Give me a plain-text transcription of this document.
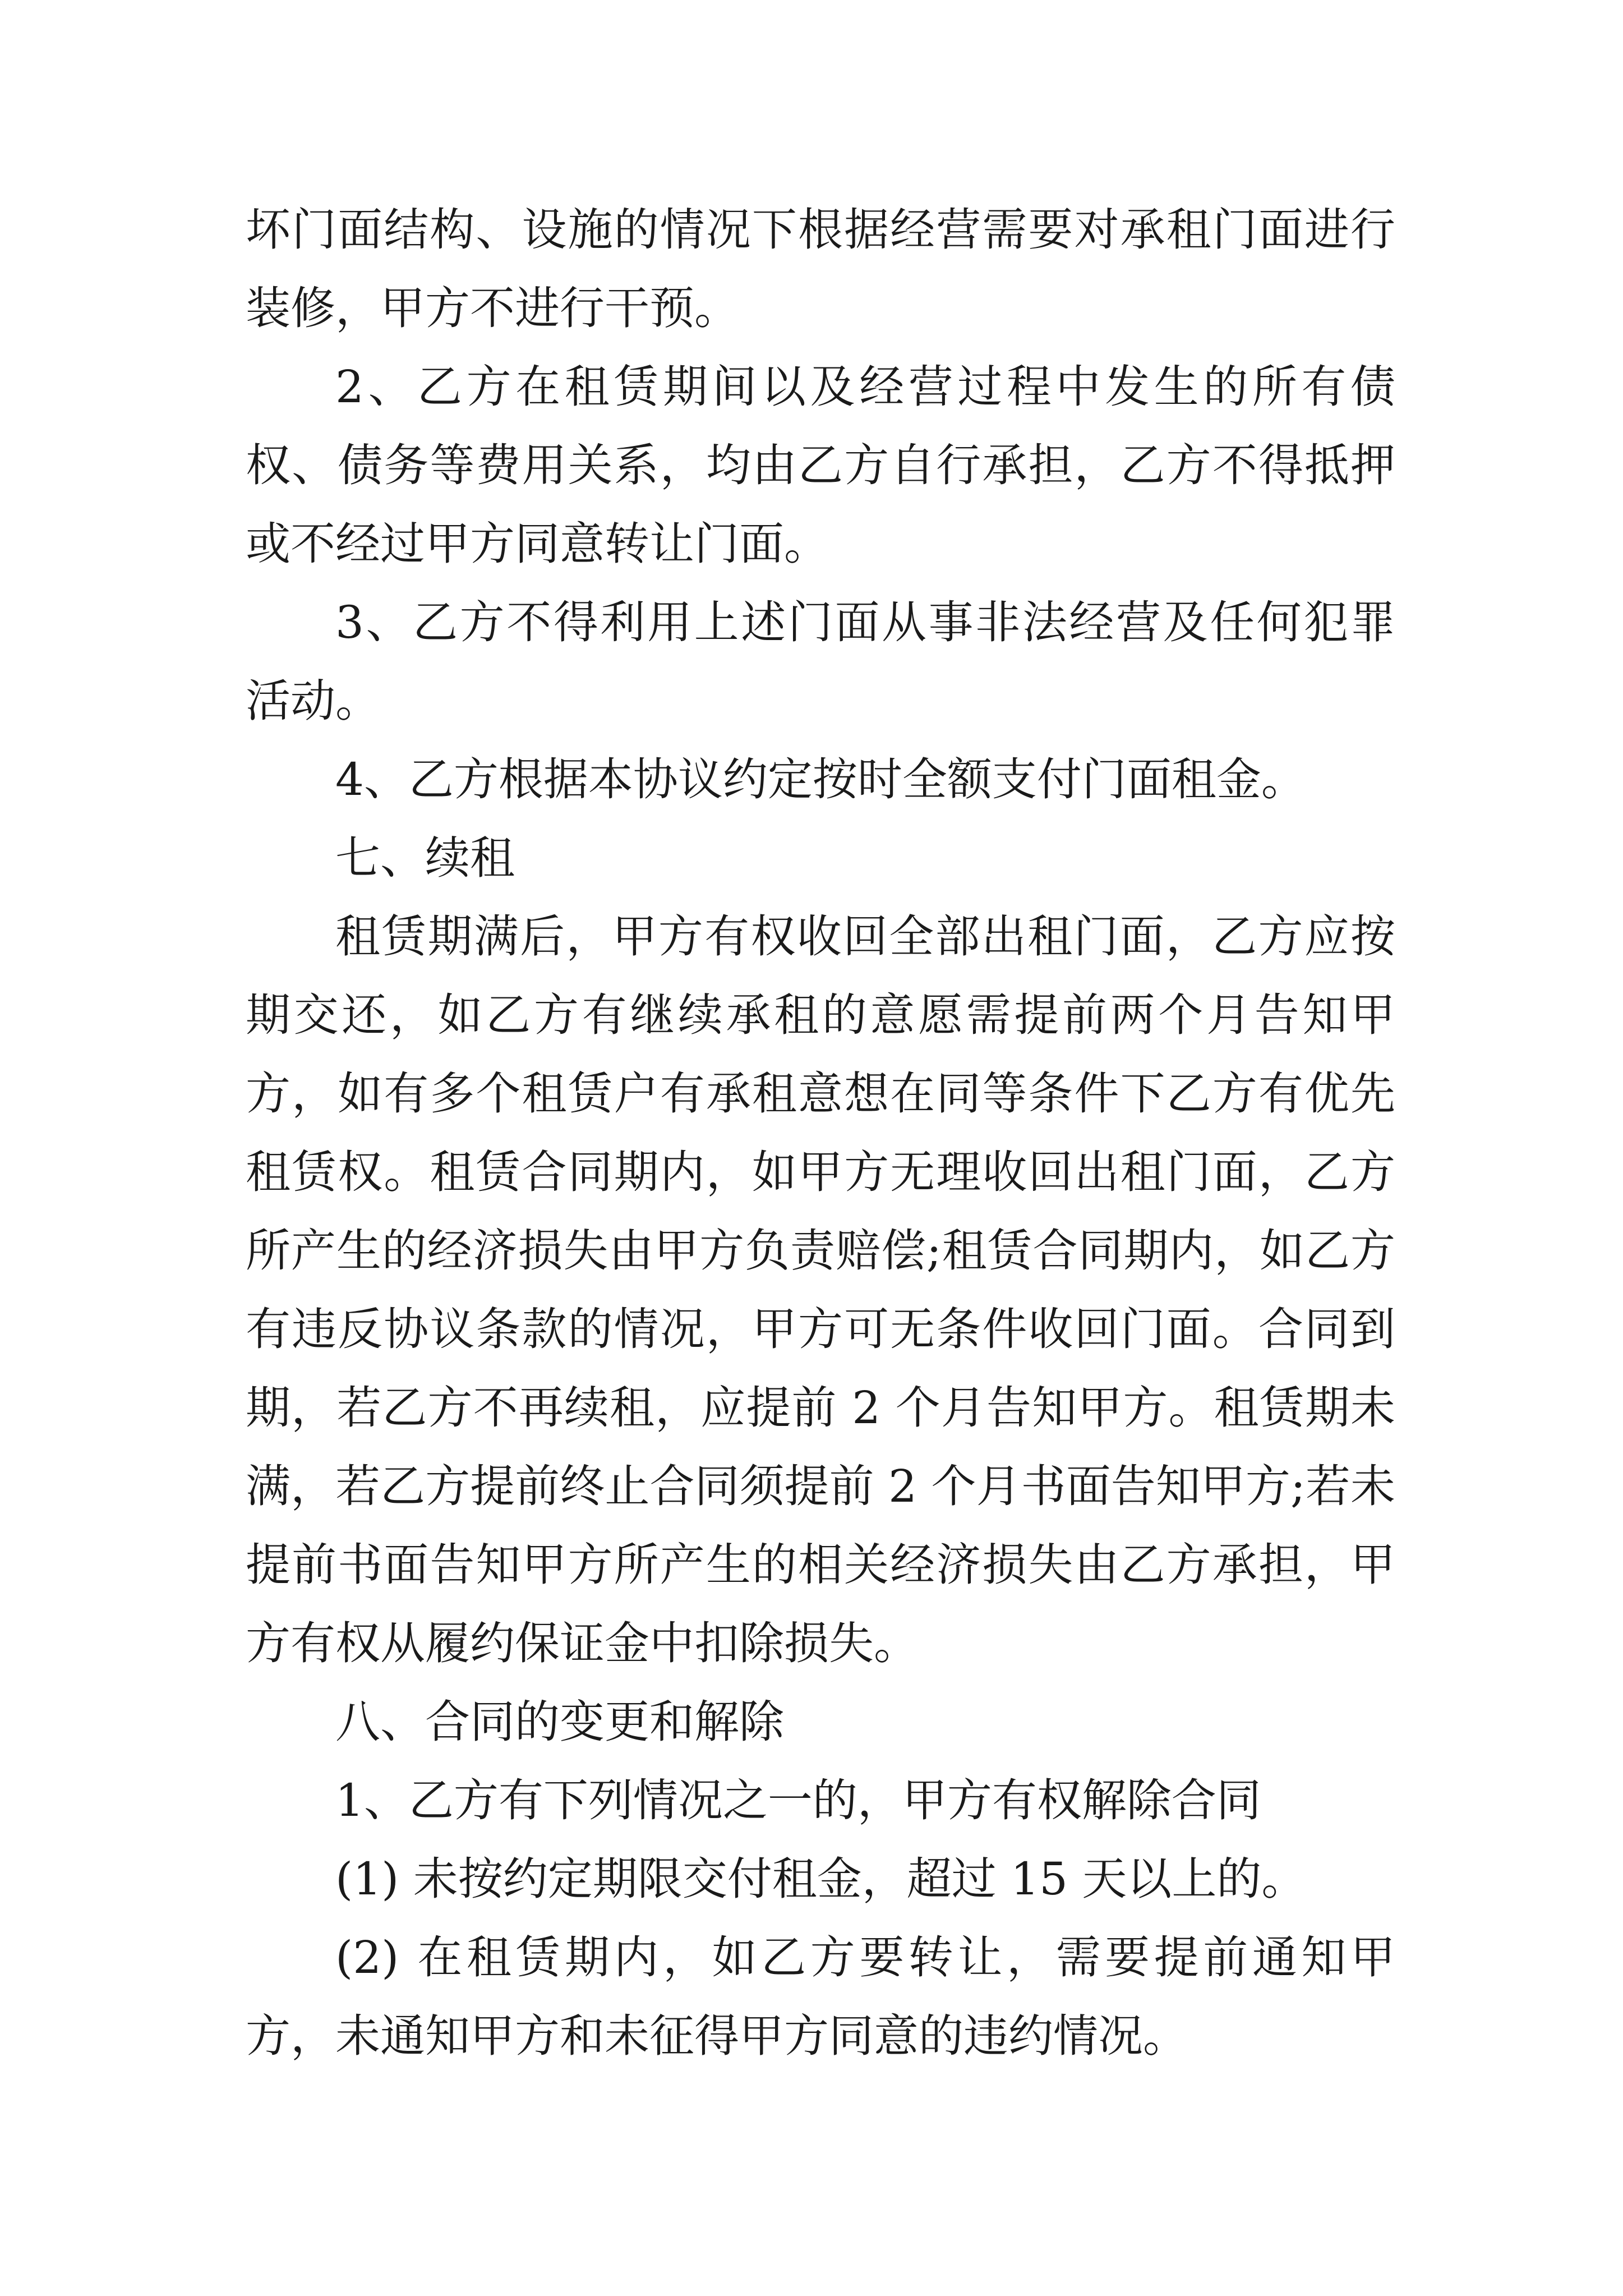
坏门面结构、设施的情况下根据经营需要对承租门面进行装修，甲方不进行干预。

2、乙方在租赁期间以及经营过程中发生的所有债权、债务等费用关系，均由乙方自行承担，乙方不得抵押或不经过甲方同意转让门面。

3、乙方不得利用上述门面从事非法经营及任何犯罪活动。

4、乙方根据本协议约定按时全额支付门面租金。

七、续租

租赁期满后，甲方有权收回全部出租门面，乙方应按期交还，如乙方有继续承租的意愿需提前两个月告知甲方，如有多个租赁户有承租意想在同等条件下乙方有优先租赁权。租赁合同期内，如甲方无理收回出租门面，乙方所产生的经济损失由甲方负责赔偿;租赁合同期内，如乙方有违反协议条款的情况，甲方可无条件收回门面。合同到期，若乙方不再续租，应提前 2 个月告知甲方。租赁期未满，若乙方提前终止合同须提前 2 个月书面告知甲方;若未提前书面告知甲方所产生的相关经济损失由乙方承担，甲方有权从履约保证金中扣除损失。

八、合同的变更和解除

1、乙方有下列情况之一的，甲方有权解除合同

(1) 未按约定期限交付租金，超过 15 天以上的。

(2) 在租赁期内，如乙方要转让，需要提前通知甲方，未通知甲方和未征得甲方同意的违约情况。
